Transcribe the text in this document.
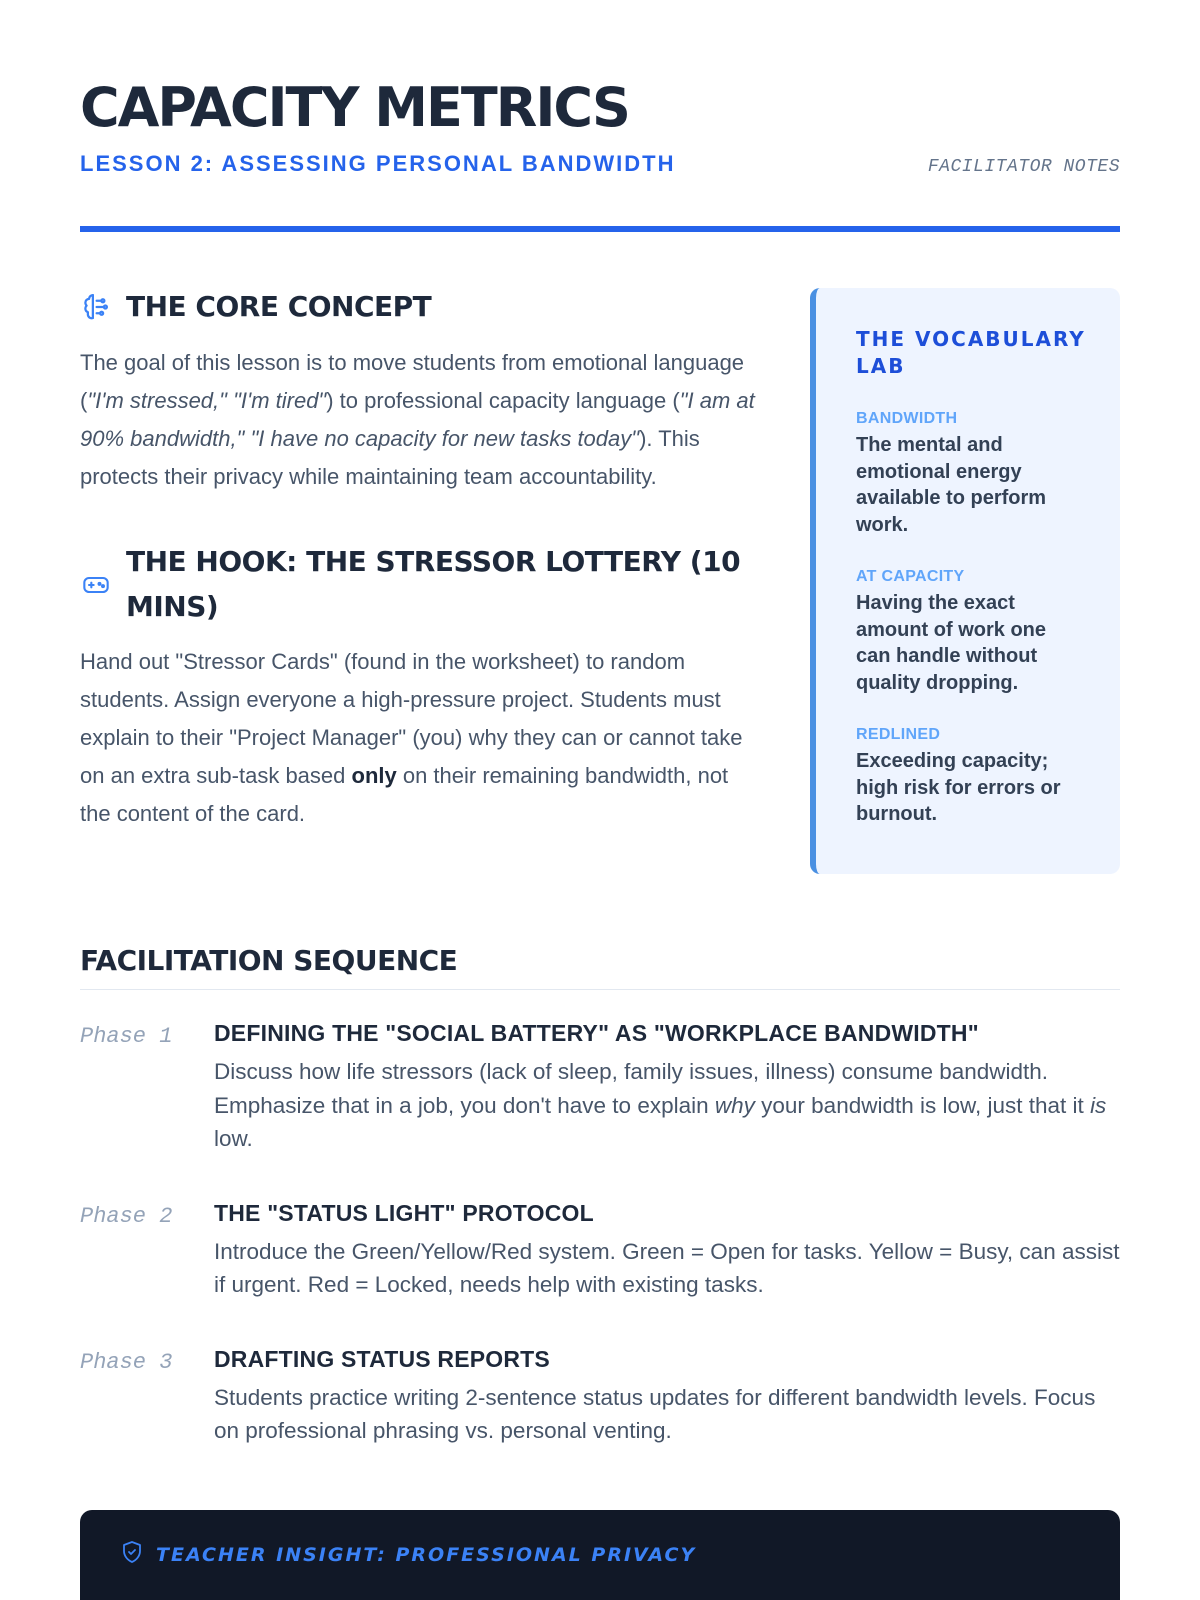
CAPACITY METRICS
LESSON 2: ASSESSING PERSONAL BANDWIDTH	FACILITATOR NOTES
THE CORE CONCEPT

The goal of this lesson is to move students from emotional language ("I'm stressed," "I'm tired") to professional capacity language ("I am at 90% bandwidth," "I have no capacity for new tasks today"). This protects their privacy while maintaining team accountability.

THE HOOK: THE STRESSOR LOTTERY (10 MINS)

Hand out "Stressor Cards" (found in the worksheet) to random students. Assign everyone a high-pressure project. Students must explain to their "Project Manager" (you) why they can or cannot take on an extra sub-task based only on their remaining bandwidth, not the content of the card.

THE VOCABULARY LAB
BANDWIDTH
The mental and emotional energy available to perform work.
AT CAPACITY
Having the exact amount of work one can handle without quality dropping.
REDLINED
Exceeding capacity; high risk for errors or burnout.
FACILITATION SEQUENCE
Phase 1	DEFINING THE "SOCIAL BATTERY" AS "WORKPLACE BANDWIDTH"

Discuss how life stressors (lack of sleep, family issues, illness) consume bandwidth. Emphasize that in a job, you don't have to explain why your bandwidth is low, just that it is low.

Phase 2	THE "STATUS LIGHT" PROTOCOL

Introduce the Green/Yellow/Red system. Green = Open for tasks. Yellow = Busy, can assist if urgent. Red = Locked, needs help with existing tasks.

Phase 3	DRAFTING STATUS REPORTS

Students practice writing 2-sentence status updates for different bandwidth levels. Focus on professional phrasing vs. personal venting.

TEACHER INSIGHT: PROFESSIONAL PRIVACY
